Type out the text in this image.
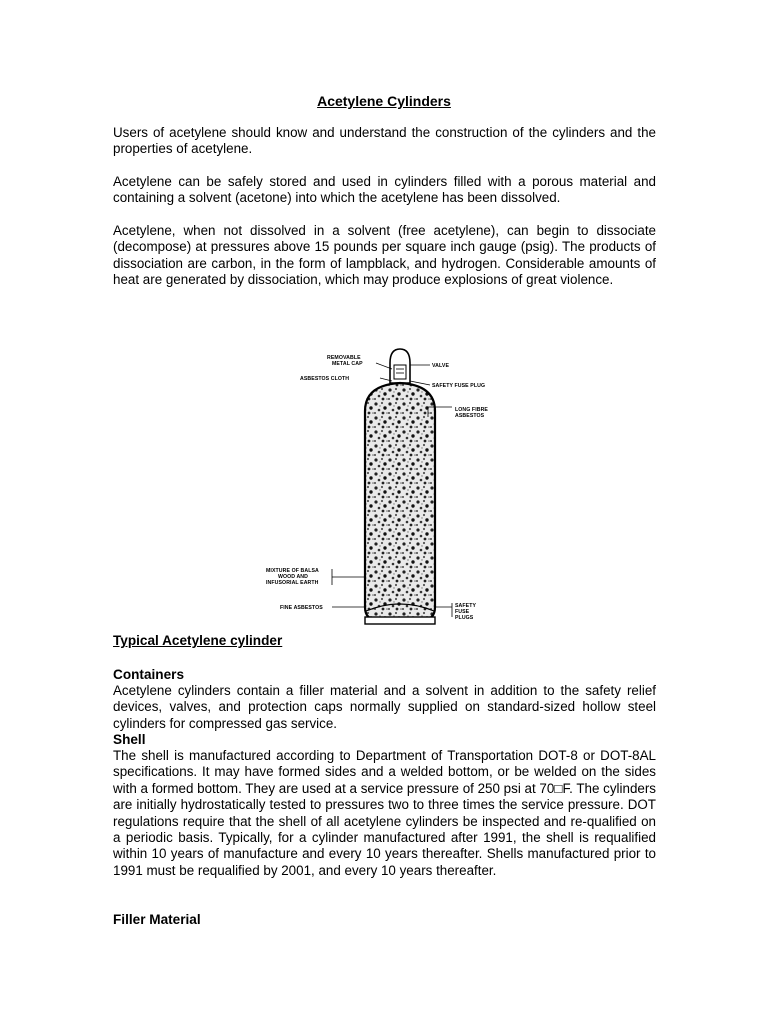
Acetylene Cylinders

Users of acetylene should know and understand the construction of the cylinders and the properties of acetylene.

Acetylene can be safely stored and used in cylinders filled with a porous material and containing a solvent (acetone) into which the acetylene has been dissolved.

Acetylene, when not dissolved in a solvent (free acetylene), can begin to dissociate (decompose) at pressures above 15 pounds per square inch gauge (psig). The products of dissociation are carbon, in the form of lampblack, and hydrogen. Considerable amounts of heat are generated by dissociation, which may produce explosions of great violence.

REMOVABLE
METAL CAP
ASBESTOS CLOTH
VALVE
SAFETY FUSE PLUG
LONG FIBRE
ASBESTOS
MIXTURE OF BALSA
WOOD AND
INFUSORIAL EARTH
FINE ASBESTOS	SAFETY
FUSE
PLUGS
Typical Acetylene cylinder
Containers

Acetylene cylinders contain a filler material and a solvent in addition to the safety relief devices, valves, and protection caps normally supplied on standard-sized hollow steel cylinders for compressed gas service.

Shell

The shell is manufactured according to Department of Transportation DOT-8 or DOT-8AL specifications. It may have formed sides and a welded bottom, or be welded on the sides with a formed bottom. They are used at a service pressure of 250 psi at 70□F. The cylinders are initially hydrostatically tested to pressures two to three times the service pressure. DOT regulations require that the shell of all acetylene cylinders be inspected and re-qualified on a periodic basis. Typically, for a cylinder manufactured after 1991, the shell is requalified within 10 years of manufacture and every 10 years thereafter. Shells manufactured prior to 1991 must be requalified by 2001, and every 10 years thereafter.

Filler Material
